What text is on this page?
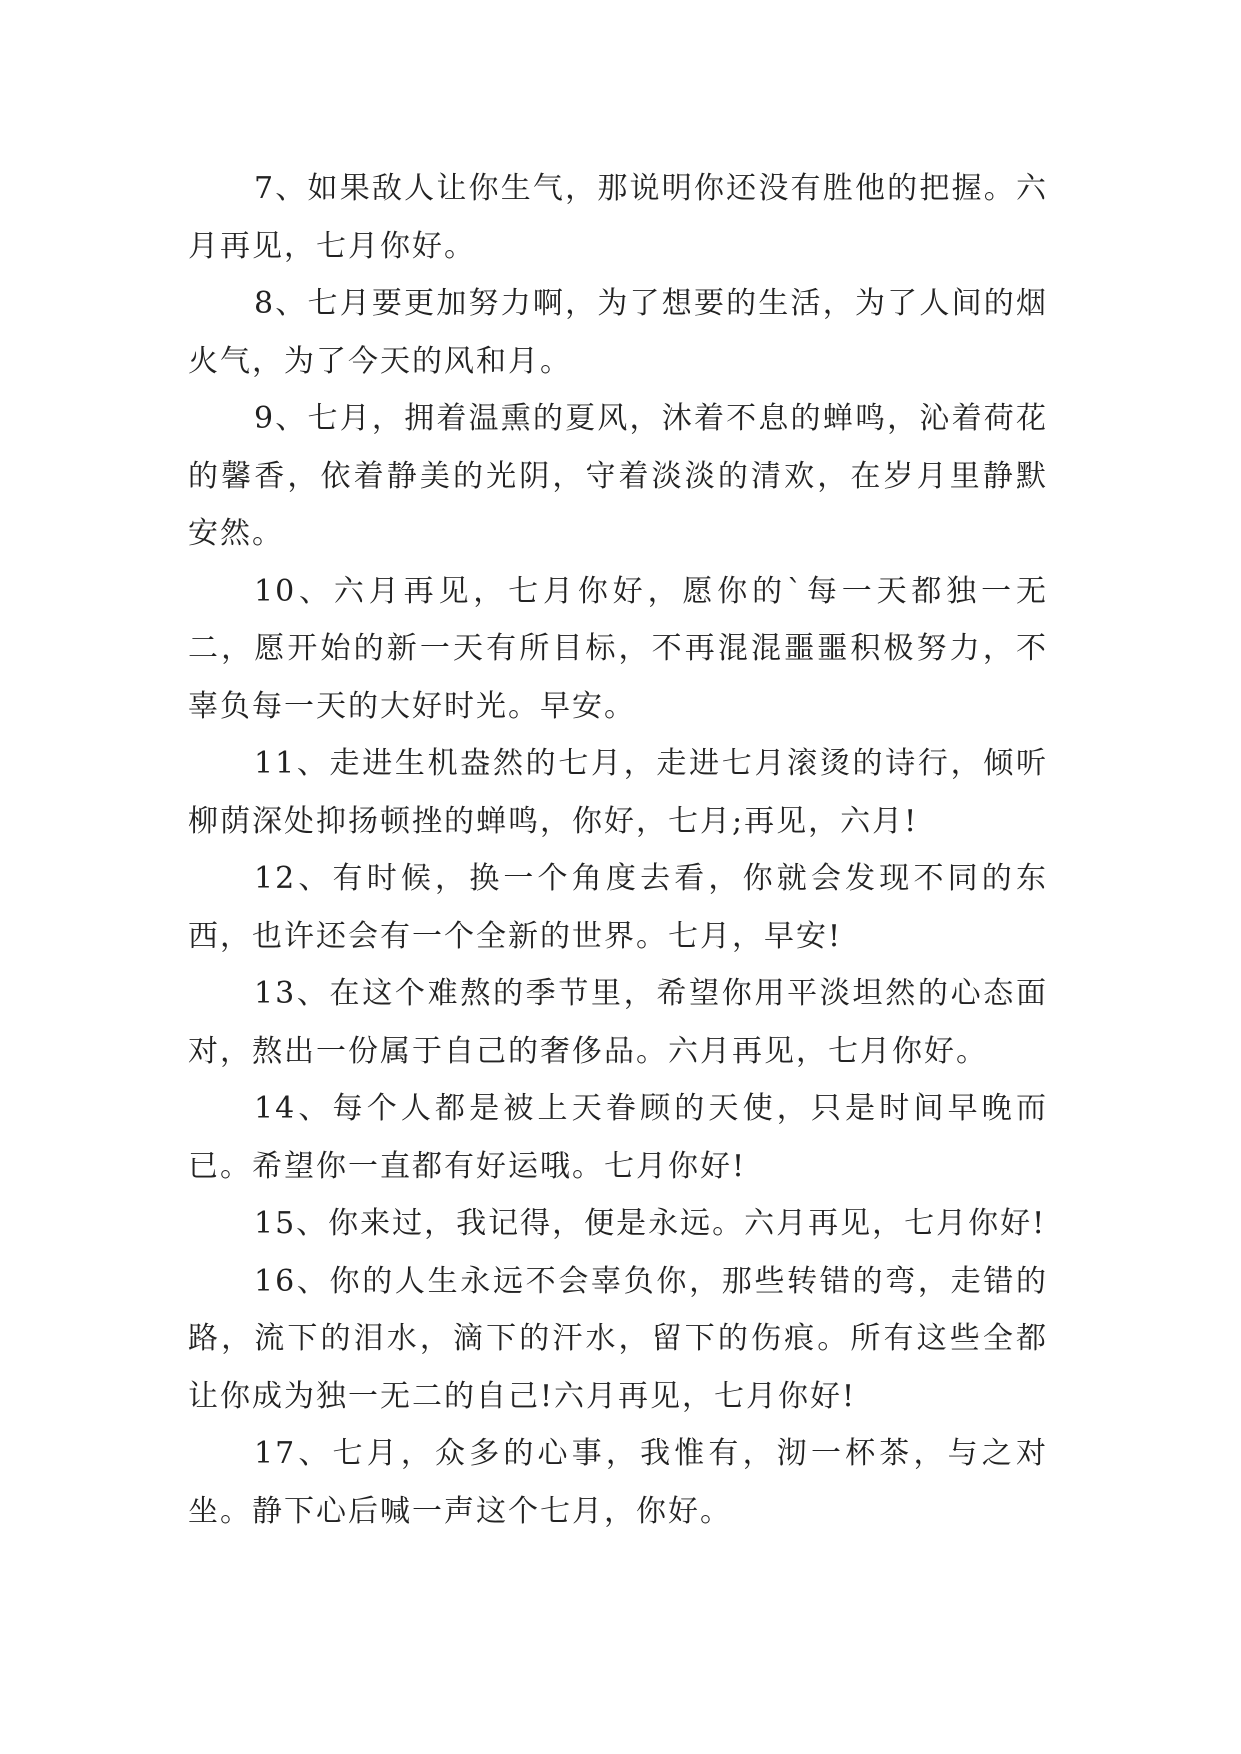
7、如果敌人让你生气，那说明你还没有胜他的把握。六月再见，七月你好。

8、七月要更加努力啊，为了想要的生活，为了人间的烟火气，为了今天的风和月。

9、七月，拥着温熏的夏风，沐着不息的蝉鸣，沁着荷花的馨香，依着静美的光阴，守着淡淡的清欢，在岁月里静默安然。

10、六月再见，七月你好，愿你的`每一天都独一无二，愿开始的新一天有所目标，不再混混噩噩积极努力，不辜负每一天的大好时光。早安。

11、走进生机盎然的七月，走进七月滚烫的诗行，倾听柳荫深处抑扬顿挫的蝉鸣，你好，七月;再见，六月!

12、有时候，换一个角度去看，你就会发现不同的东西，也许还会有一个全新的世界。七月，早安!

13、在这个难熬的季节里，希望你用平淡坦然的心态面对，熬出一份属于自己的奢侈品。六月再见，七月你好。

14、每个人都是被上天眷顾的天使，只是时间早晚而已。希望你一直都有好运哦。七月你好!

15、你来过，我记得，便是永远。六月再见，七月你好!

16、你的人生永远不会辜负你，那些转错的弯，走错的路，流下的泪水，滴下的汗水，留下的伤痕。所有这些全都让你成为独一无二的自己!六月再见，七月你好!

17、七月，众多的心事，我惟有，沏一杯茶，与之对坐。静下心后喊一声这个七月，你好。
